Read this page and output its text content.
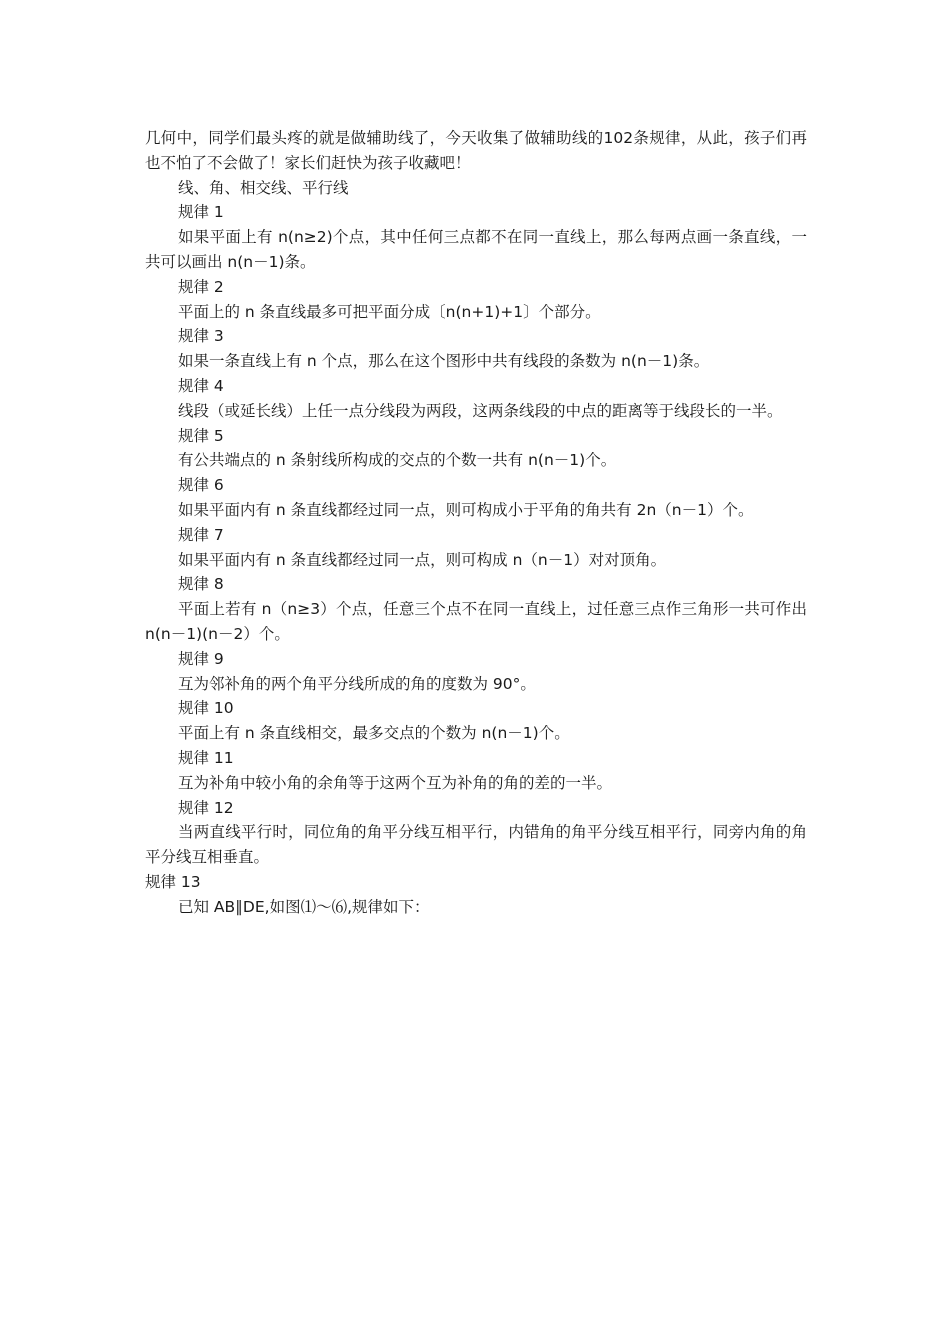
几何中，同学们最头疼的就是做辅助线了，今天收集了做辅助线的102条规律，从此，孩子们再也不怕了不会做了！家长们赶快为孩子收藏吧！

线、角、相交线、平行线

规律 1

如果平面上有 n(n≥2)个点，其中任何三点都不在同一直线上，那么每两点画一条直线，一共可以画出 n(n－1)条。

规律 2

平面上的 n 条直线最多可把平面分成〔n(n+1)+1〕个部分。

规律 3

如果一条直线上有 n 个点，那么在这个图形中共有线段的条数为 n(n－1)条。

规律 4

线段（或延长线）上任一点分线段为两段，这两条线段的中点的距离等于线段长的一半。

规律 5

有公共端点的 n 条射线所构成的交点的个数一共有 n(n－1)个。

规律 6

如果平面内有 n 条直线都经过同一点，则可构成小于平角的角共有 2n（n－1）个。

规律 7

如果平面内有 n 条直线都经过同一点，则可构成 n（n－1）对对顶角。

规律 8

平面上若有 n（n≥3）个点，任意三个点不在同一直线上，过任意三点作三角形一共可作出 n(n－1)(n－2）个。

规律 9

互为邻补角的两个角平分线所成的角的度数为 90°。

规律 10

平面上有 n 条直线相交，最多交点的个数为 n(n－1)个。

规律 11

互为补角中较小角的余角等于这两个互为补角的角的差的一半。

规律 12

当两直线平行时，同位角的角平分线互相平行，内错角的角平分线互相平行，同旁内角的角平分线互相垂直。

规律 13

已知 AB∥DE,如图⑴～⑹,规律如下：
